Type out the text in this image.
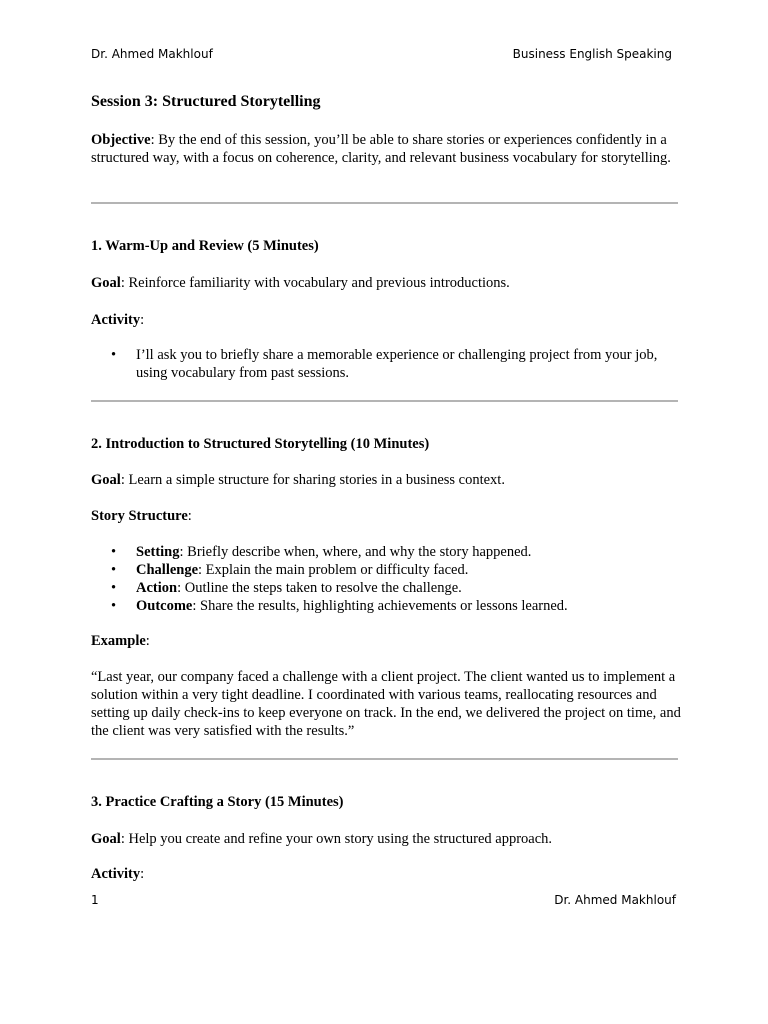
Dr. Ahmed Makhlouf	Business English Speaking
Session 3: Structured Storytelling

Objective: By the end of this session, you’ll be able to share stories or experiences confidently in a structured way, with a focus on coherence, clarity, and relevant business vocabulary for storytelling.

1. Warm-Up and Review (5 Minutes)

Goal: Reinforce familiarity with vocabulary and previous introductions.

Activity:

• I’ll ask you to briefly share a memorable experience or challenging project from your job, using vocabulary from past sessions.
2. Introduction to Structured Storytelling (10 Minutes)

Goal: Learn a simple structure for sharing stories in a business context.

Story Structure:

• Setting: Briefly describe when, where, and why the story happened.
• Challenge: Explain the main problem or difficulty faced.
• Action: Outline the steps taken to resolve the challenge.
• Outcome: Share the results, highlighting achievements or lessons learned.

Example:

“Last year, our company faced a challenge with a client project. The client wanted us to implement a solution within a very tight deadline. I coordinated with various teams, reallocating resources and setting up daily check-ins to keep everyone on track. In the end, we delivered the project on time, and the client was very satisfied with the results.”

3. Practice Crafting a Story (15 Minutes)

Goal: Help you create and refine your own story using the structured approach.

Activity:

1	Dr. Ahmed Makhlouf
